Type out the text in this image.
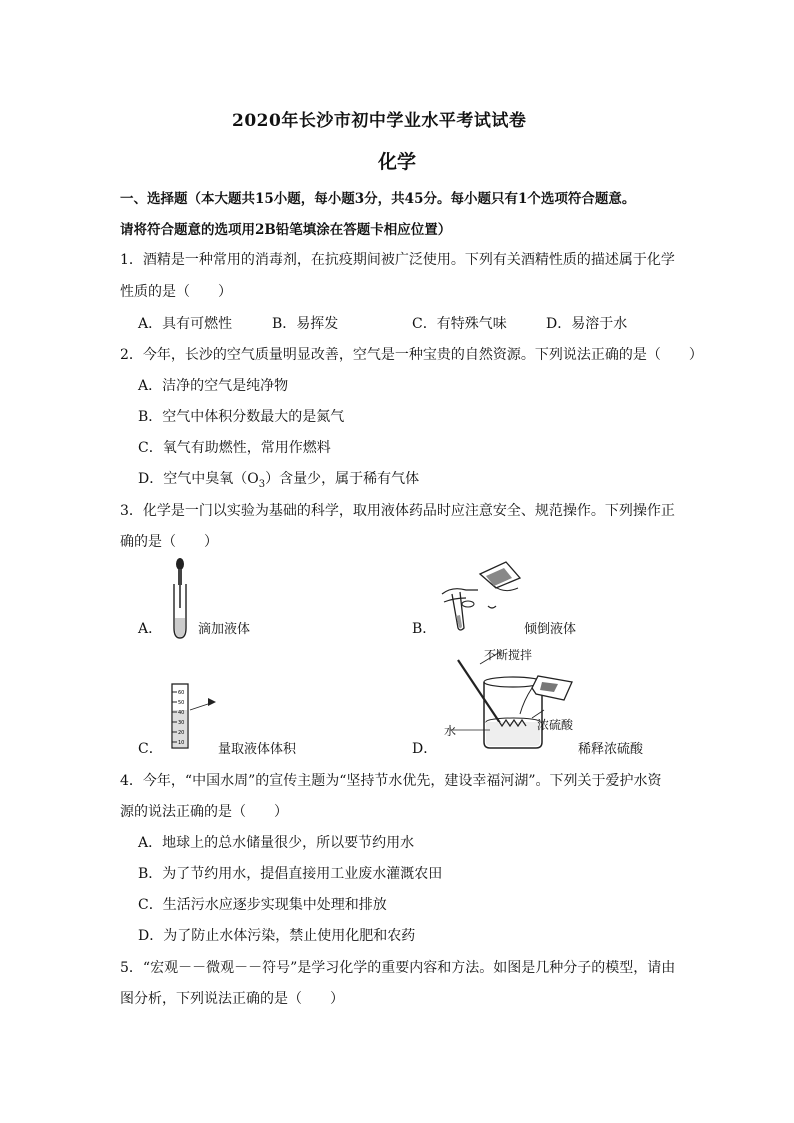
2020年长沙市初中学业水平考试试卷
化学
一、选择题（本大题共15小题，每小题3分，共45分。每小题只有1个选项符合题意。
请将符合题意的选项用2B铅笔填涂在答题卡相应位置）
1．酒精是一种常用的消毒剂，在抗疫期间被广泛使用。下列有关酒精性质的描述属于化学
性质的是（　　）
A．具有可燃性	B．易挥发	C．有特殊气味	D．易溶于水
2．今年，长沙的空气质量明显改善，空气是一种宝贵的自然资源。下列说法正确的是（　　）
A．洁净的空气是纯净物
B．空气中体积分数最大的是氮气
C．氧气有助燃性，常用作燃料
D．空气中臭氧$(O_3)$含量少，属于稀有气体
3．化学是一门以实验为基础的科学，取用液体药品时应注意安全、规范操作。下列操作正
确的是（　　）
A．	滴加液体	B．	倾倒液体
60
50
40
30
20
10
C．	量取液体体积
不断搅拌
水	浓硫酸
D．	稀释浓硫酸
4．今年，“中国水周”的宣传主题为“坚持节水优先，建设幸福河湖”。下列关于爱护水资
源的说法正确的是（　　）
A．地球上的总水储量很少，所以要节约用水
B．为了节约用水，提倡直接用工业废水灌溉农田
C．生活污水应逐步实现集中处理和排放
D．为了防止水体污染，禁止使用化肥和农药
5．“宏观－－微观－－符号”是学习化学的重要内容和方法。如图是几种分子的模型，请由
图分析，下列说法正确的是（　　）
